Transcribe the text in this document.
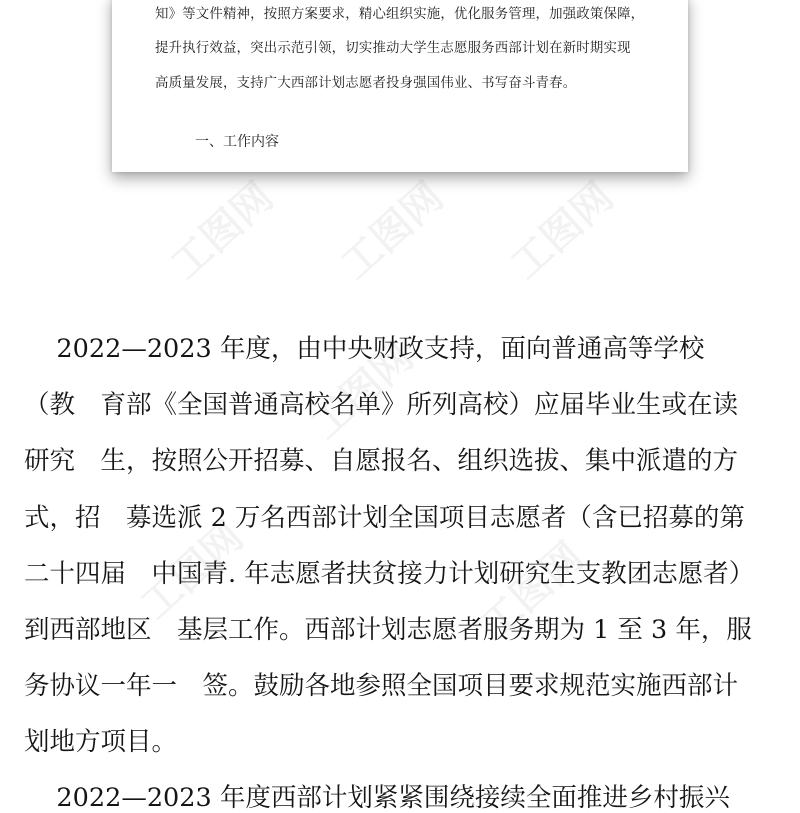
知》等文件精神，按照方案要求，精心组织实施，优化服务管理，加强政策保障，

提升执行效益，突出示范引领，切实推动大学生志愿服务西部计划在新时期实现

高质量发展，支持广大西部计划志愿者投身强国伟业、书写奋斗青春。

一、工作内容

工图网 工图网 工图网
工图网
工图网	工图网

2022—2023 年度，由中央财政支持，面向普通高等学校

（教　育部《全国普通高校名单》所列高校）应届毕业生或在读

研究　生，按照公开招募、自愿报名、组织选拔、集中派遣的方

式，招　募选派 2 万名西部计划全国项目志愿者（含已招募的第

二十四届　中国青. 年志愿者扶贫接力计划研究生支教团志愿者）

到西部地区　基层工作。西部计划志愿者服务期为 1 至 3 年，服

务协议一年一　签。鼓励各地参照全国项目要求规范实施西部计

划地方项目。

2022—2023 年度西部计划紧紧围绕接续全面推进乡村振兴
